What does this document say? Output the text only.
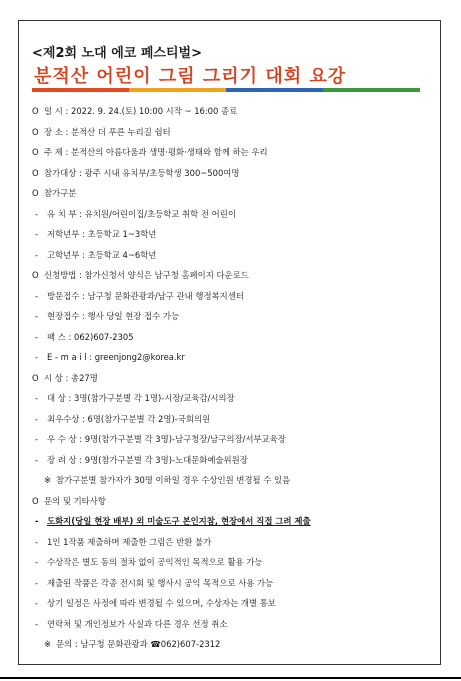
<제2회 노대 에코 페스티벌>
분적산 어린이 그림 그리기 대회 요강
O 일 시 : 2022. 9. 24.(토) 10:00 시작 ~ 16:00 종료
O 장 소 : 분적산 더 푸른 누리길 쉼터
O 주 제 : 분적산의 아름다움과 생명·평화·생태와 함께 하는 우리
O 참가대상 : 광주 시내 유치부/초등학생 300~500여명
O 참가구분
-	유 치 부 : 유치원/어린이집/초등학교 취학 전 어린이
-	저학년부 : 초등학교 1~3학년
-	고학년부 : 초등학교 4~6학년
O 신청방법 : 참가신청서 양식은 남구청 홈페이지 다운로드
-	방문접수 : 남구청 문화관광과/남구 관내 행정복지센터
-	현장접수 : 행사 당일 현장 접수 가능
-	팩 스 : 062)607-2305
-	E - m a i l : greenjong2@korea.kr
O 시 상 : 총27명
-	대 상 : 3명(참가구분별 각 1명)-시장/교육감/시의장
-	최우수상 : 6명(참가구분별 각 2명)-국회의원
-	우 수 상 : 9명(참가구분별 각 3명)-남구청장/남구의장/서부교육장
-	장 려 상 : 9명(참가구분별 각 3명)-노대문화예술위원장
※ 참가구분별 참가자가 30명 이하일 경우 수상인원 변경될 수 있음
O 문의 및 기타사항
-	도화지(당일 현장 배부) 외 미술도구 본인지참, 현장에서 직접 그려 제출
-	1인 1작품 제출하며 제출한 그림은 반환 불가
-	수상작은 별도 동의 절차 없이 공익적인 목적으로 활용 가능
-	제출된 작품은 각종 전시회 및 행사시 공익 목적으로 사용 가능
-	상기 일정은 사정에 따라 변경될 수 있으며, 수상자는 개별 통보
-	연락처 및 개인정보가 사실과 다른 경우 선정 취소
※ 문의 : 남구청 문화관광과 ☎062)607-2312
